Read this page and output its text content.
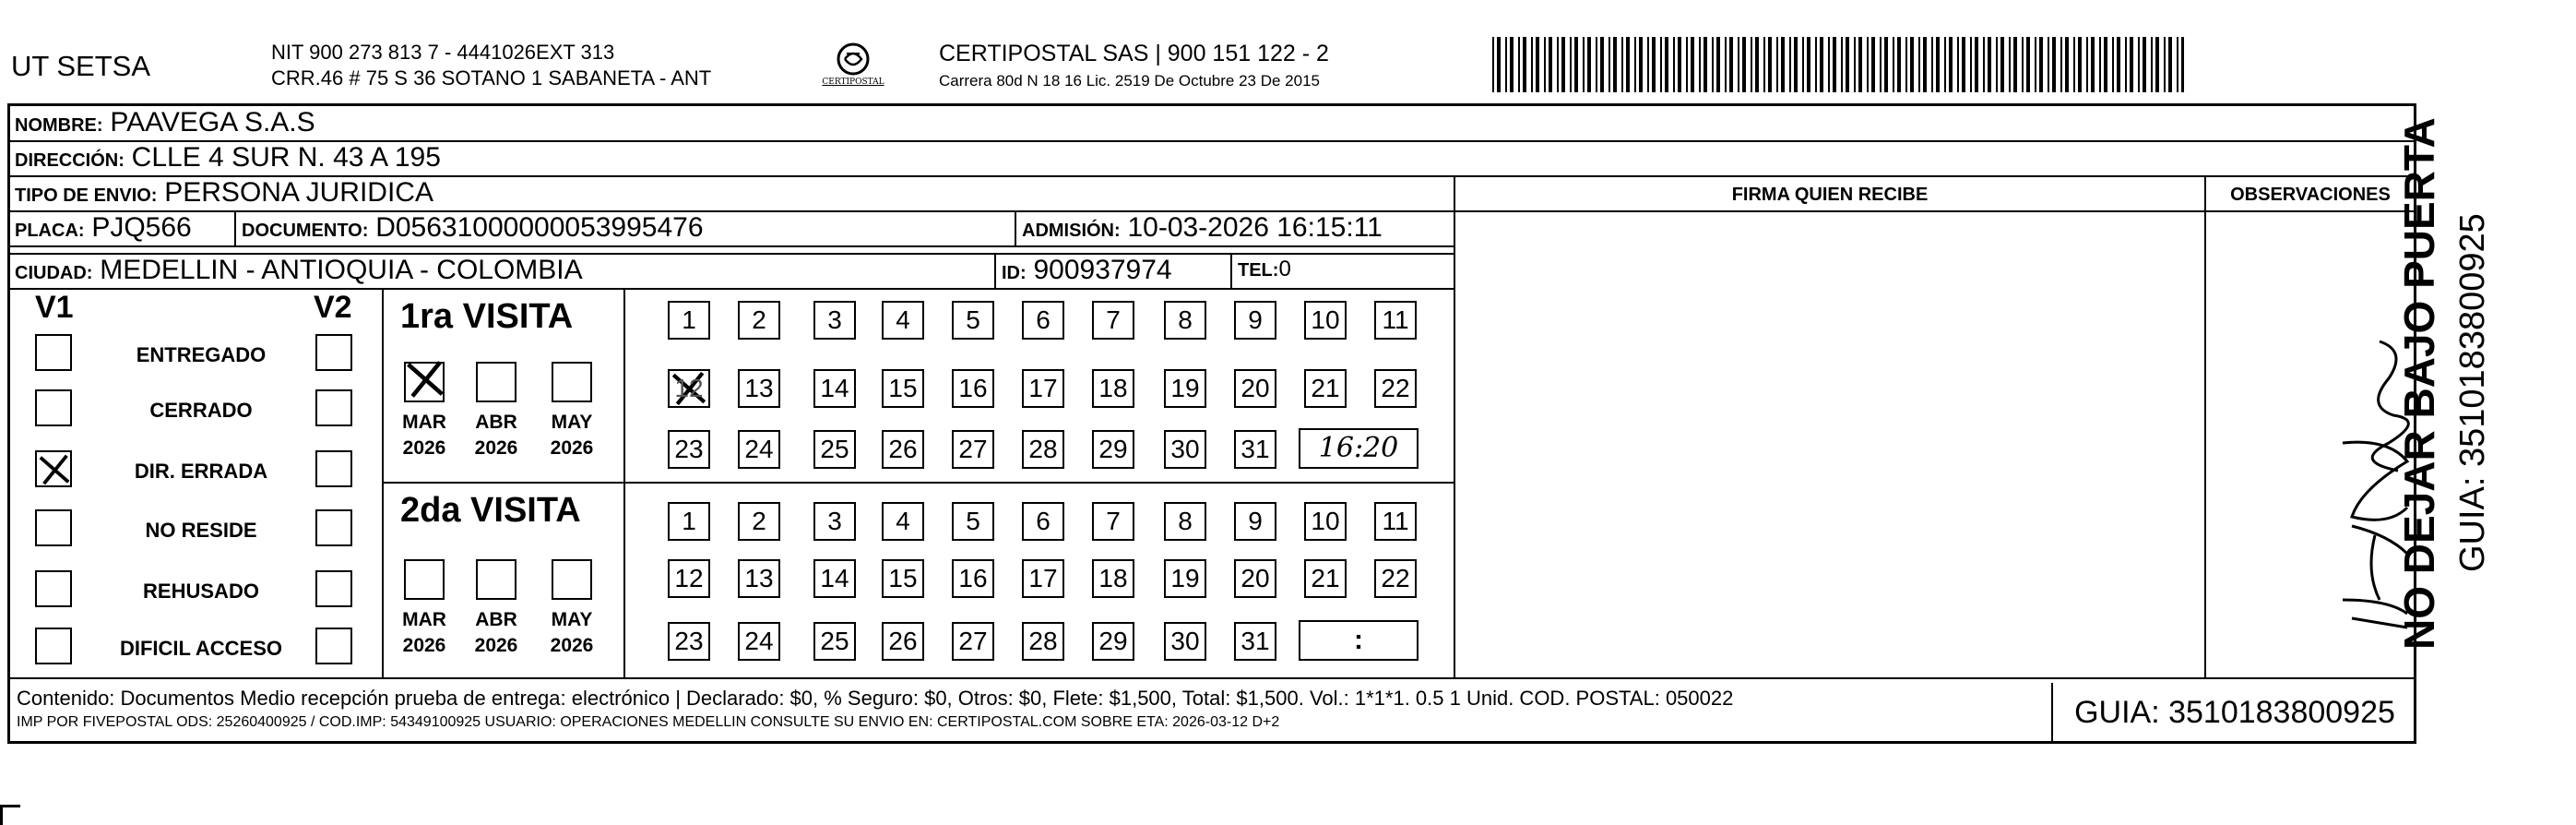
UT SETSA	NIT 900 273 813 7 - 4441026EXT 313
CRR.46 # 75 S 36 SOTANO 1 SABANETA - ANT	CERTIPOSTAL
CERTIPOSTAL SAS | 900 151 122 - 2
Carrera 80d N 18 16 Lic. 2519 De Octubre 23 De 2015
NOMBRE: PAAVEGA S.A.S
DIRECCIÓN: CLLE 4 SUR N. 43 A 195
TIPO DE ENVIO: PERSONA JURIDICA
PLACA: PJQ566	DOCUMENTO: D05631000000053995476	ADMISIÓN: 10-03-2026 16:15:11
CIUDAD: MEDELLIN - ANTIOQUIA - COLOMBIA	ID: 900937974	TEL:0
FIRMA QUIEN RECIBE	OBSERVACIONES
V1	V2
ENTREGADO
CERRADO
DIR. ERRADA
NO RESIDE
REHUSADO
DIFICIL ACCESO
1ra VISITA
MAR
2026
ABR
2026
MAY
2026
1	2	3	4	5	6	7	8	9	10	11
12 13 14 15 16 17 18 19 20 21 22
23 24 25 26 27 28 29 30 31	16:20
2da VISITA
MAR
2026
ABR
2026
MAY
2026
1	2	3	4	5	6	7	8	9	10	11
12 13 14 15 16 17 18 19 20 21 22
23 24 25 26 27 28 29 30 31	:
Contenido: Documentos Medio recepción prueba de entrega: electrónico | Declarado: $0, % Seguro: $0, Otros: $0, Flete: $1,500, Total: $1,500. Vol.: 1*1*1. 0.5 1 Unid. COD. POSTAL: 050022
IMP POR FIVEPOSTAL ODS: 25260400925 / COD.IMP: 54349100925 USUARIO: OPERACIONES MEDELLIN CONSULTE SU ENVIO EN: CERTIPOSTAL.COM SOBRE ETA: 2026-03-12 D+2	GUIA: 3510183800925
NO DEJAR BAJO PUERTA GUIA: 3510183800925
